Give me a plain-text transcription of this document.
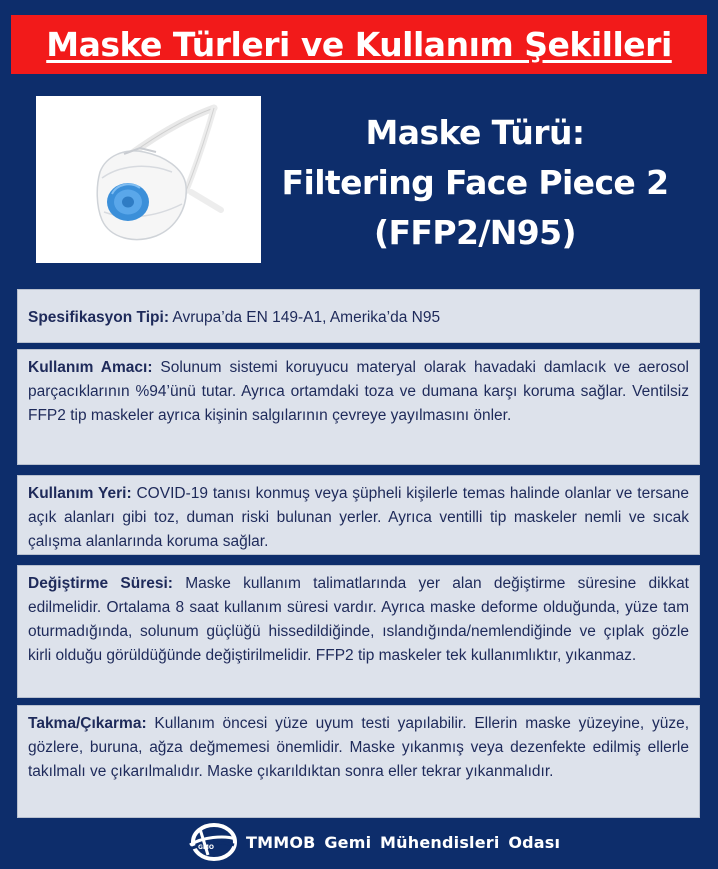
Maske Türleri ve Kullanım Şekilleri
Maske Türü:
Filtering Face Piece 2
(FFP2/N95)
Spesifikasyon Tipi: Avrupa’da EN 149-A1, Amerika’da N95
Kullanım Amacı: Solunum sistemi koruyucu materyal olarak havadaki damlacık ve aerosol parçacıklarının %94’ünü tutar. Ayrıca ortamdaki toza ve dumana karşı koruma sağlar. Ventilsiz FFP2 tip maskeler ayrıca kişinin salgılarının çevreye yayılmasını önler.
Kullanım Yeri: COVID-19 tanısı konmuş veya şüpheli kişilerle temas halinde olanlar ve tersane açık alanları gibi toz, duman riski bulunan yerler. Ayrıca ventilli tip maskeler nemli ve sıcak çalışma alanlarında koruma sağlar.
Değiştirme Süresi: Maske kullanım talimatlarında yer alan değiştirme süresine dikkat edilmelidir. Ortalama 8 saat kullanım süresi vardır. Ayrıca maske deforme olduğunda, yüze tam oturmadığında, solunum güçlüğü hissedildiğinde, ıslandığında/nemlendiğinde ve çıplak gözle kirli olduğu görüldüğünde değiştirilmelidir. FFP2 tip maskeler tek kullanımlıktır, yıkanmaz.
Takma/Çıkarma: Kullanım öncesi yüze uyum testi yapılabilir. Ellerin maske yüzeyine, yüze, gözlere, buruna, ağza değmemesi önemlidir. Maske yıkanmış veya dezenfekte edilmiş ellerle takılmalı ve çıkarılmalıdır. Maske çıkarıldıktan sonra eller tekrar yıkanmalıdır.
GMO TMMOB Gemi Mühendisleri Odası
